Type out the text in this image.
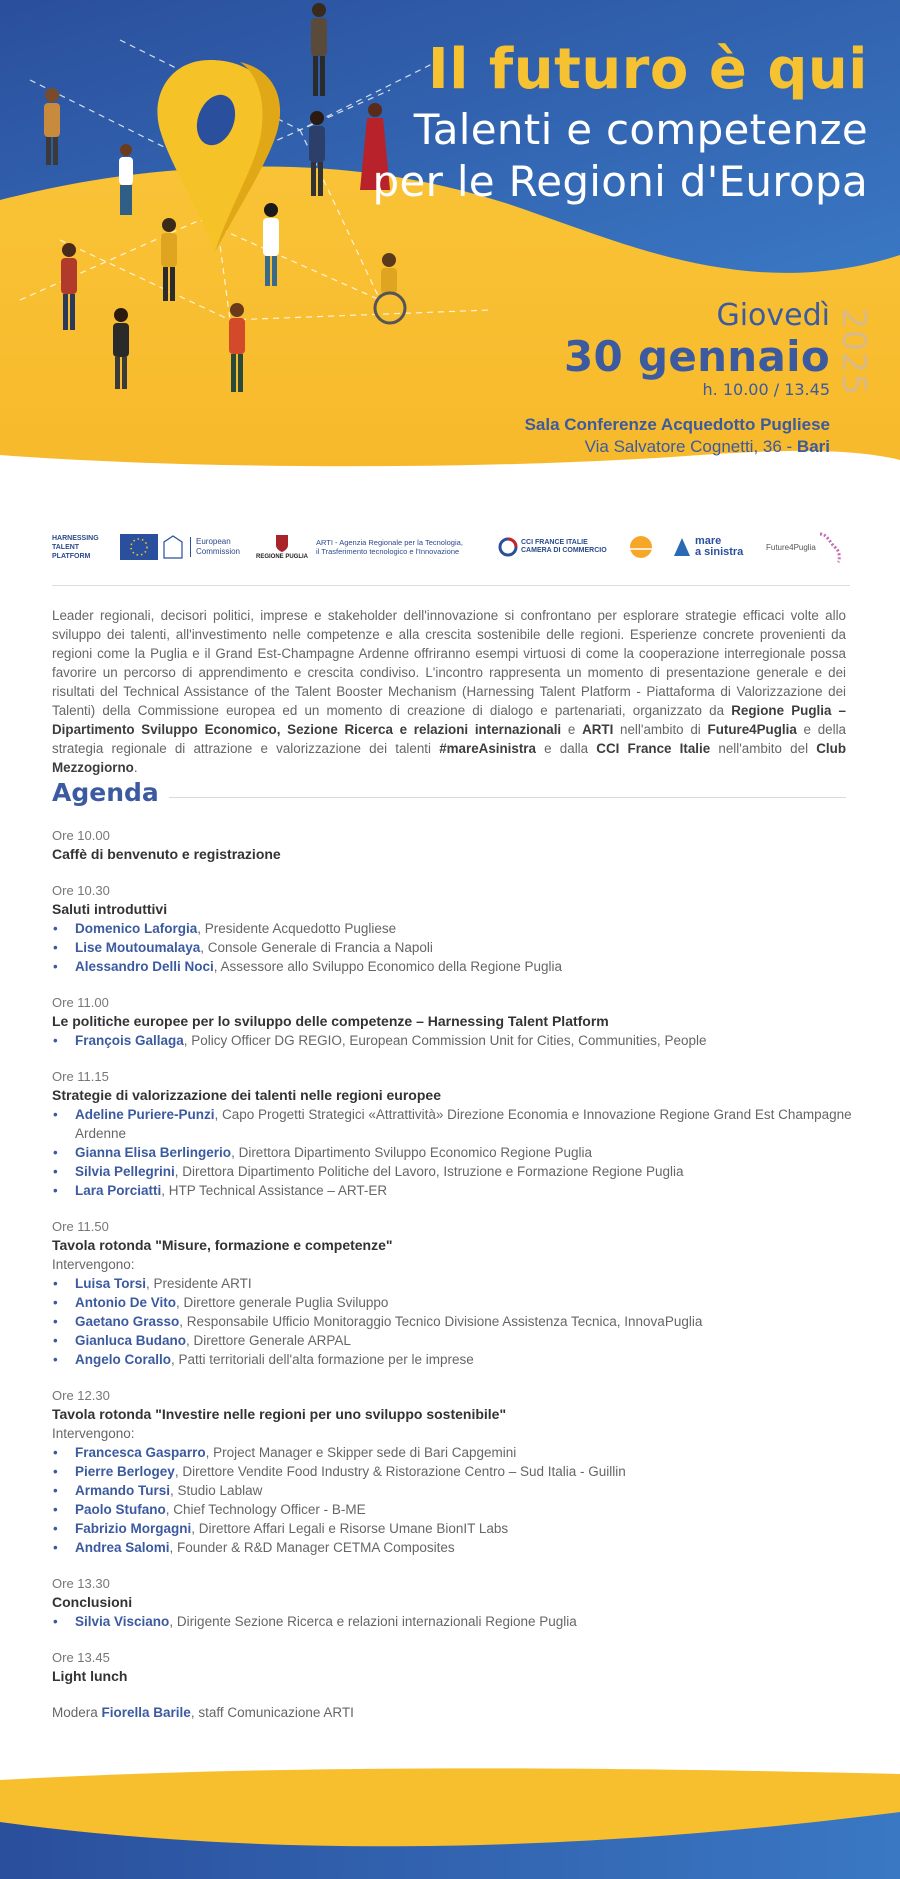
Il futuro è qui
Talenti e competenze
per le Regioni d'Europa
Giovedì
30 gennaio
h. 10.00 / 13.45 2025
Sala Conferenze Acquedotto Pugliese
Via Salvatore Cognetti, 36 - Bari
HARNESSING
TALENT PLATFORM
European
Commission
REGIONE PUGLIA
ARTI - Agenzia Regionale per la Tecnologia,
il Trasferimento tecnologico e l'Innovazione
CCI FRANCE ITALIE
CAMERA DI COMMERCIO
mare
a sinistra	Future4Puglia
Leader regionali, decisori politici, imprese e stakeholder dell'innovazione si confrontano per esplorare strategie efficaci volte allo sviluppo dei talenti, all'investimento nelle competenze e alla crescita sostenibile delle regioni. Esperienze concrete provenienti da regioni come la Puglia e il Grand Est-Champagne Ardenne offriranno esempi virtuosi di come la cooperazione interregionale possa favorire un percorso di apprendimento e crescita condiviso. L'incontro rappresenta un momento di presentazione generale e dei risultati del Technical Assistance of the Talent Booster Mechanism (Harnessing Talent Platform - Piattaforma di Valorizzazione dei Talenti) della Commissione europea ed un momento di creazione di dialogo e partenariati, organizzato da Regione Puglia – Dipartimento Sviluppo Economico, Sezione Ricerca e relazioni internazionali e ARTI nell'ambito di Future4Puglia e della strategia regionale di attrazione e valorizzazione dei talenti #mareAsinistra e dalla CCI France Italie nell'ambito del Club Mezzogiorno.
Agenda
Ore 10.00
Caffè di benvenuto e registrazione
Ore 10.30
Saluti introduttivi
• Domenico Laforgia, Presidente Acquedotto Pugliese
• Lise Moutoumalaya, Console Generale di Francia a Napoli
• Alessandro Delli Noci, Assessore allo Sviluppo Economico della Regione Puglia
Ore 11.00
Le politiche europee per lo sviluppo delle competenze – Harnessing Talent Platform
• François Gallaga, Policy Officer DG REGIO, European Commission Unit for Cities, Communities, People
Ore 11.15
Strategie di valorizzazione dei talenti nelle regioni europee
• Adeline Puriere-Punzi, Capo Progetti Strategici «Attrattività» Direzione Economia e Innovazione Regione Grand Est Champagne Ardenne
• Gianna Elisa Berlingerio, Direttora Dipartimento Sviluppo Economico Regione Puglia
• Silvia Pellegrini, Direttora Dipartimento Politiche del Lavoro, Istruzione e Formazione Regione Puglia
• Lara Porciatti, HTP Technical Assistance – ART-ER
Ore 11.50
Tavola rotonda "Misure, formazione e competenze"
Intervengono:
• Luisa Torsi, Presidente ARTI
• Antonio De Vito, Direttore generale Puglia Sviluppo
• Gaetano Grasso, Responsabile Ufficio Monitoraggio Tecnico Divisione Assistenza Tecnica, InnovaPuglia
• Gianluca Budano, Direttore Generale ARPAL
• Angelo Corallo, Patti territoriali dell'alta formazione per le imprese
Ore 12.30
Tavola rotonda "Investire nelle regioni per uno sviluppo sostenibile"
Intervengono:
• Francesca Gasparro, Project Manager e Skipper sede di Bari Capgemini
• Pierre Berlogey, Direttore Vendite Food Industry & Ristorazione Centro – Sud Italia - Guillin
• Armando Tursi, Studio Lablaw
• Paolo Stufano, Chief Technology Officer - B-ME
• Fabrizio Morgagni, Direttore Affari Legali e Risorse Umane BionIT Labs
• Andrea Salomi, Founder & R&D Manager CETMA Composites
Ore 13.30
Conclusioni
• Silvia Visciano, Dirigente Sezione Ricerca e relazioni internazionali Regione Puglia
Ore 13.45
Light lunch
Modera Fiorella Barile, staff Comunicazione ARTI
